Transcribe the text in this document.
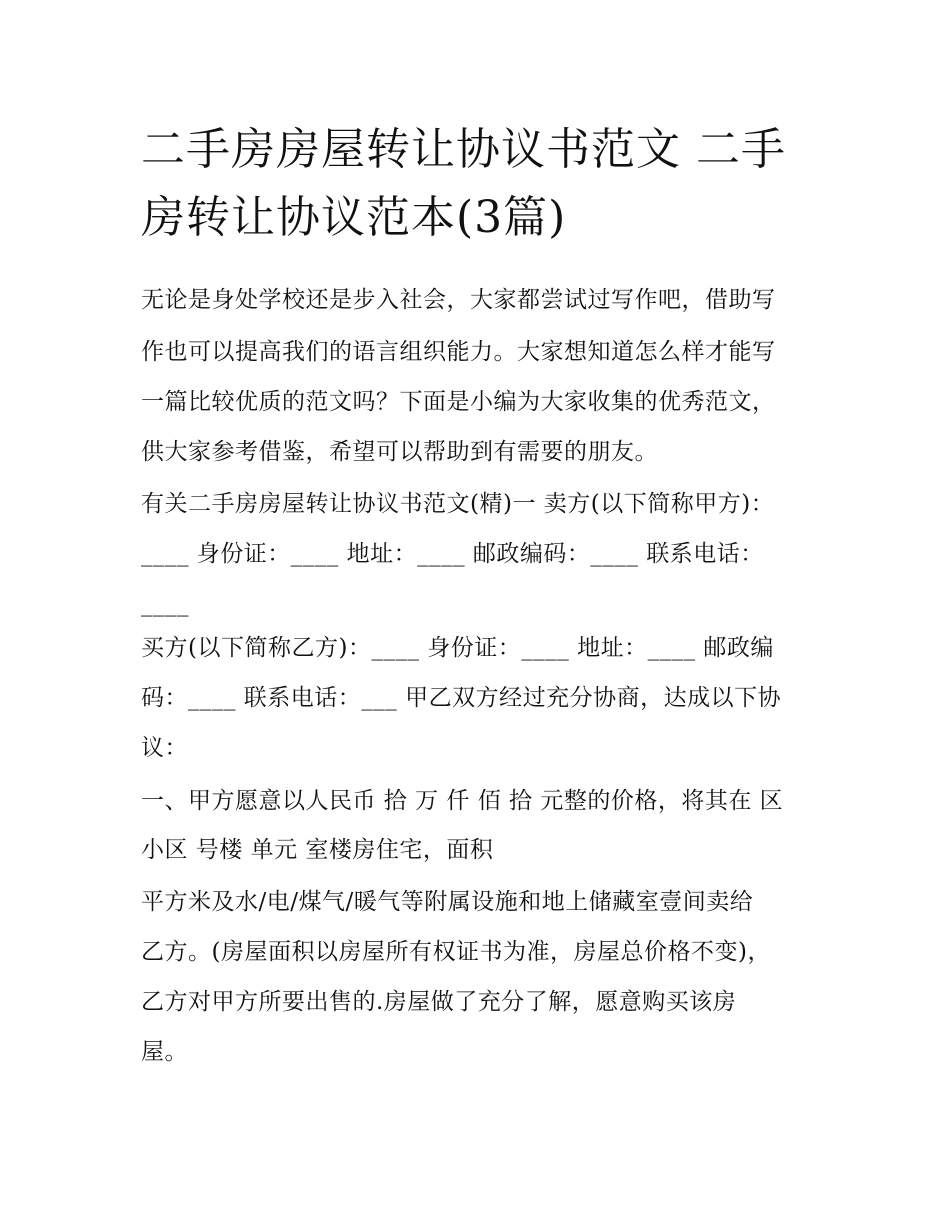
二手房房屋转让协议书范文 二手房转让协议范本(3篇)
无论是身处学校还是步入社会，大家都尝试过写作吧，借助写
作也可以提高我们的语言组织能力。大家想知道怎么样才能写
一篇比较优质的范文吗？下面是小编为大家收集的优秀范文，
供大家参考借鉴，希望可以帮助到有需要的朋友。
有关二手房房屋转让协议书范文(精)一 卖方(以下简称甲方)：
____ 身份证：____ 地址：____ 邮政编码：____ 联系电话：
____
买方(以下简称乙方)：____ 身份证：____ 地址：____ 邮政编
码：____ 联系电话：___ 甲乙双方经过充分协商，达成以下协
议：
一、甲方愿意以人民币 拾 万 仟 佰 拾 元整的价格，将其在 区
小区 号楼 单元 室楼房住宅，面积
平方米及水/电/煤气/暖气等附属设施和地上储藏室壹间卖给
乙方。(房屋面积以房屋所有权证书为准，房屋总价格不变)，
乙方对甲方所要出售的.房屋做了充分了解，愿意购买该房
屋。
